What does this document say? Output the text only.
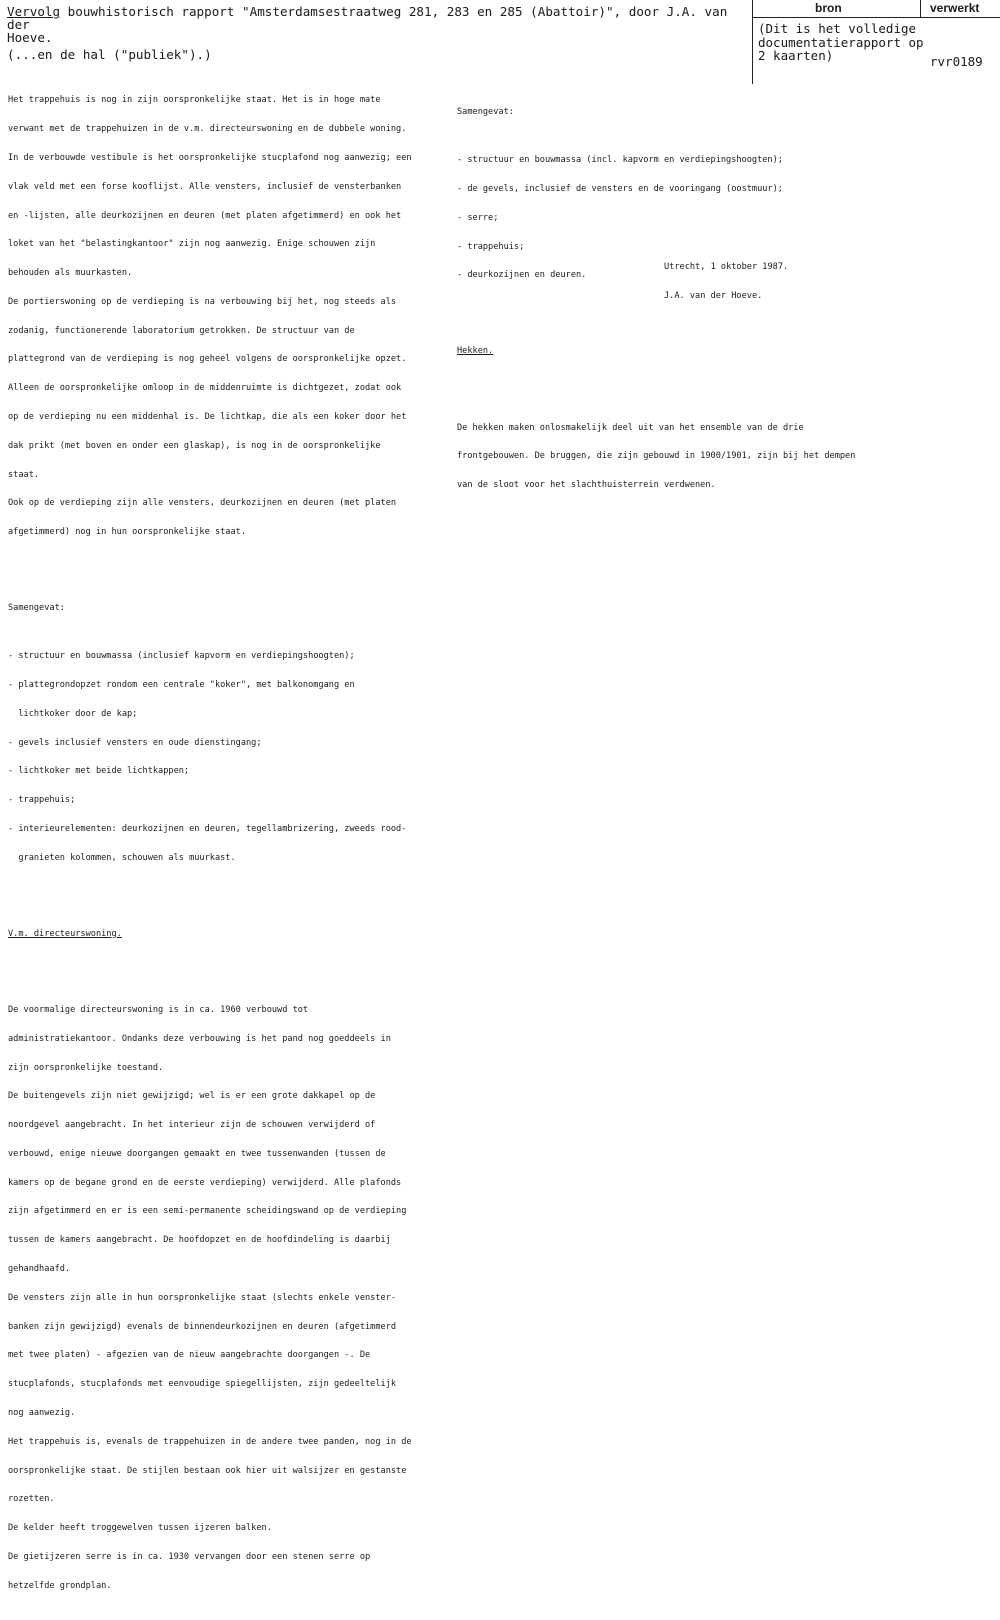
Vervolg bouwhistorisch rapport "Amsterdamsestraatweg 281, 283 en 285 (Abattoir)", door J.A. van der
Hoeve.
(...en de hal ("publiek").)
bron	verwerkt
(Dit is het volledige documentatierapport op 2 kaarten)	rvr0189

Het trappehuis is nog in zijn oorspronkelijke staat. Het is in hoge mate

verwant met de trappehuizen in de v.m. directeurswoning en de dubbele woning.

In de verbouwde vestibule is het oorspronkelijke stucplafond nog aanwezig; een

vlak veld met een forse kooflijst. Alle vensters, inclusief de vensterbanken

en -lijsten, alle deurkozijnen en deuren (met platen afgetimmerd) en ook het

loket van het "belastingkantoor" zijn nog aanwezig. Enige schouwen zijn

behouden als muurkasten.

De portierswoning op de verdieping is na verbouwing bij het, nog steeds als

zodanig, functionerende laboratorium getrokken. De structuur van de

plattegrond van de verdieping is nog geheel volgens de oorspronkelijke opzet.

Alleen de oorspronkelijke omloop in de middenruimte is dichtgezet, zodat ook

op de verdieping nu een middenhal is. De lichtkap, die als een koker door het

dak prikt (met boven en onder een glaskap), is nog in de oorspronkelijke

staat.

Ook op de verdieping zijn alle vensters, deurkozijnen en deuren (met platen

afgetimmerd) nog in hun oorspronkelijke staat.

Samengevat:

- structuur en bouwmassa (inclusief kapvorm en verdiepingshoogten);

- plattegrondopzet rondom een centrale "koker", met balkonomgang en

lichtkoker door de kap;

- gevels inclusief vensters en oude dienstingang;

- lichtkoker met beide lichtkappen;

- trappehuis;

- interieurelementen: deurkozijnen en deuren, tegellambrizering, zweeds rood-

granieten kolommen, schouwen als muurkast.

V.m. directeurswoning.

De voormalige directeurswoning is in ca. 1960 verbouwd tot

administratiekantoor. Ondanks deze verbouwing is het pand nog goeddeels in

zijn oorspronkelijke toestand.

De buitengevels zijn niet gewijzigd; wel is er een grote dakkapel op de

noordgevel aangebracht. In het interieur zijn de schouwen verwijderd of

verbouwd, enige nieuwe doorgangen gemaakt en twee tussenwanden (tussen de

kamers op de begane grond en de eerste verdieping) verwijderd. Alle plafonds

zijn afgetimmerd en er is een semi-permanente scheidingswand op de verdieping

tussen de kamers aangebracht. De hoofdopzet en de hoofdindeling is daarbij

gehandhaafd.

De vensters zijn alle in hun oorspronkelijke staat (slechts enkele venster-

banken zijn gewijzigd) evenals de binnendeurkozijnen en deuren (afgetimmerd

met twee platen) - afgezien van de nieuw aangebrachte doorgangen -. De

stucplafonds, stucplafonds met eenvoudige spiegellijsten, zijn gedeeltelijk

nog aanwezig.

Het trappehuis is, evenals de trappehuizen in de andere twee panden, nog in de

oorspronkelijke staat. De stijlen bestaan ook hier uit walsijzer en gestanste

rozetten.

De kelder heeft troggewelven tussen ijzeren balken.

De gietijzeren serre is in ca. 1930 vervangen door een stenen serre op

hetzelfde grondplan.

Samengevat:

- structuur en bouwmassa (incl. kapvorm en verdiepingshoogten);

- de gevels, inclusief de vensters en de vooringang (oostmuur);

- serre;

- trappehuis;

- deurkozijnen en deuren.

Hekken.

De hekken maken onlosmakelijk deel uit van het ensemble van de drie

frontgebouwen. De bruggen, die zijn gebouwd in 1900/1901, zijn bij het dempen

van de sloot voor het slachthuisterrein verdwenen.

Utrecht, 1 oktober 1987.

J.A. van der Hoeve.
